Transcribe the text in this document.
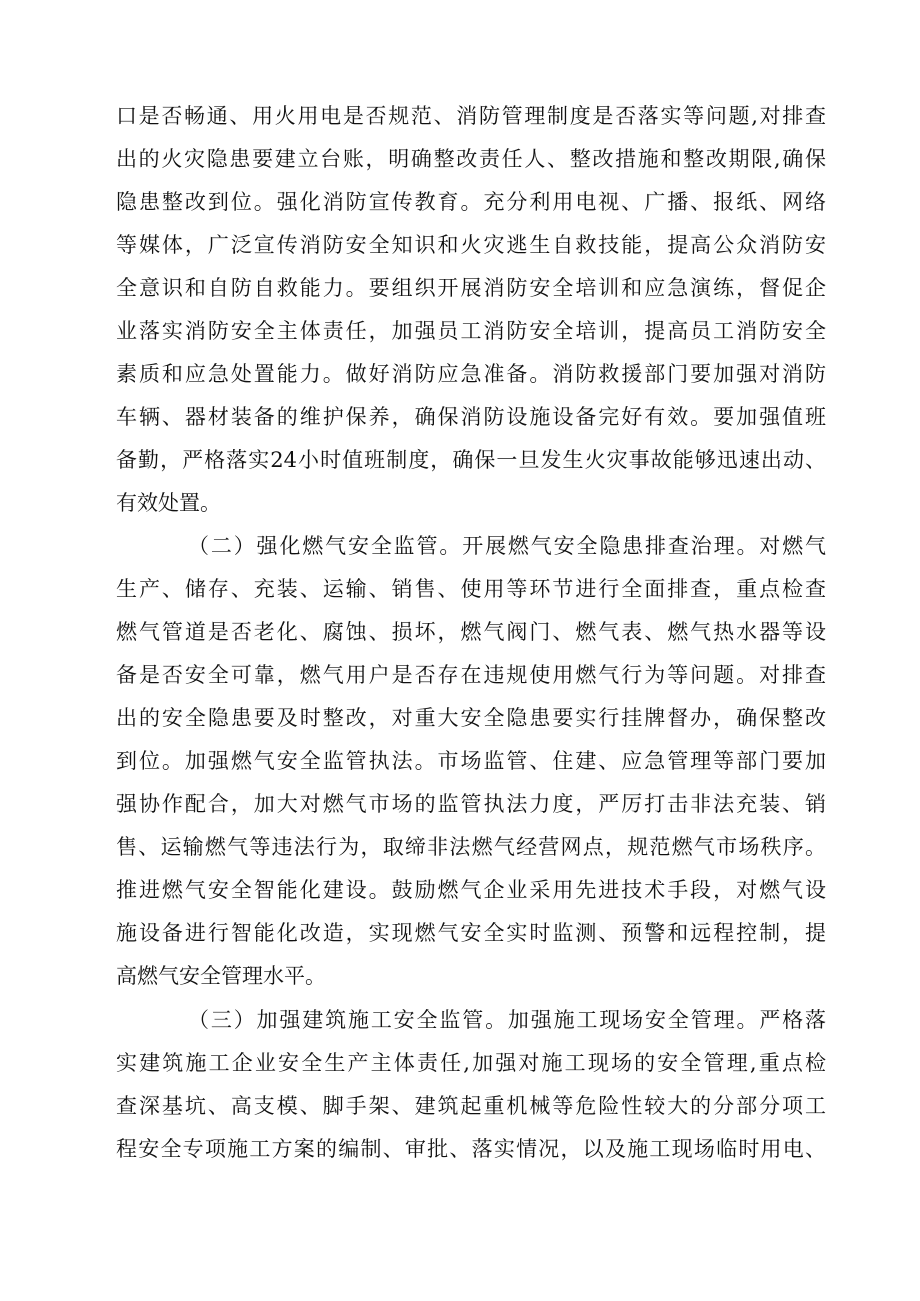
口是否畅通、用火用电是否规范、消防管理制度是否落实等问题,对排查
出的火灾隐患要建立台账，明确整改责任人、整改措施和整改期限,确保
隐患整改到位。强化消防宣传教育。充分利用电视、广播、报纸、网络
等媒体，广泛宣传消防安全知识和火灾逃生自救技能，提高公众消防安
全意识和自防自救能力。要组织开展消防安全培训和应急演练，督促企
业落实消防安全主体责任，加强员工消防安全培训，提高员工消防安全
素质和应急处置能力。做好消防应急准备。消防救援部门要加强对消防
车辆、器材装备的维护保养，确保消防设施设备完好有效。要加强值班
备勤，严格落实24小时值班制度，确保一旦发生火灾事故能够迅速出动、
有效处置。
（二）强化燃气安全监管。开展燃气安全隐患排查治理。对燃气
生产、储存、充装、运输、销售、使用等环节进行全面排查，重点检查
燃气管道是否老化、腐蚀、损坏，燃气阀门、燃气表、燃气热水器等设
备是否安全可靠，燃气用户是否存在违规使用燃气行为等问题。对排查
出的安全隐患要及时整改，对重大安全隐患要实行挂牌督办，确保整改
到位。加强燃气安全监管执法。市场监管、住建、应急管理等部门要加
强协作配合，加大对燃气市场的监管执法力度，严厉打击非法充装、销
售、运输燃气等违法行为，取缔非法燃气经营网点，规范燃气市场秩序。
推进燃气安全智能化建设。鼓励燃气企业采用先进技术手段，对燃气设
施设备进行智能化改造，实现燃气安全实时监测、预警和远程控制，提
高燃气安全管理水平。
（三）加强建筑施工安全监管。加强施工现场安全管理。严格落
实建筑施工企业安全生产主体责任,加强对施工现场的安全管理,重点检
查深基坑、高支模、脚手架、建筑起重机械等危险性较大的分部分项工
程安全专项施工方案的编制、审批、落实情况，以及施工现场临时用电、
